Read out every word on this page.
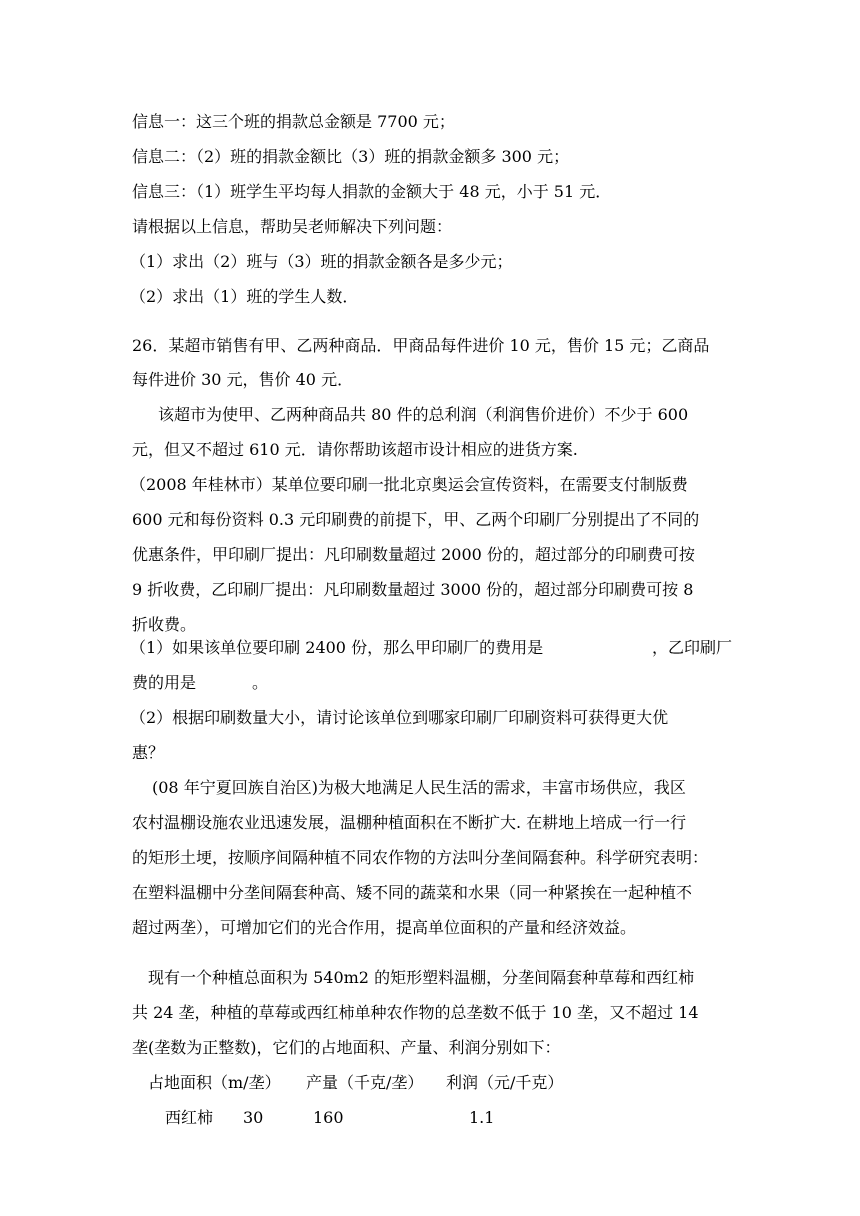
信息一：这三个班的捐款总金额是 7700 元；
信息二：（2）班的捐款金额比（3）班的捐款金额多 300 元；
信息三：（1）班学生平均每人捐款的金额大于 48 元，小于 51 元．
请根据以上信息，帮助吴老师解决下列问题：
（1）求出（2）班与（3）班的捐款金额各是多少元；
（2）求出（1）班的学生人数．
26．某超市销售有甲、乙两种商品．甲商品每件进价 10 元，售价 15 元；乙商品
每件进价 30 元，售价 40 元．
该超市为使甲、乙两种商品共 80 件的总利润（利润售价进价）不少于 600
元，但又不超过 610 元．请你帮助该超市设计相应的进货方案.
（2008 年桂林市）某单位要印刷一批北京奥运会宣传资料，在需要支付制版费
600 元和每份资料 0.3 元印刷费的前提下，甲、乙两个印刷厂分别提出了不同的
优惠条件，甲印刷厂提出：凡印刷数量超过 2000 份的，超过部分的印刷费可按
9 折收费，乙印刷厂提出：凡印刷数量超过 3000 份的，超过部分印刷费可按 8
折收费。
（1）如果该单位要印刷 2400 份，那么甲印刷厂的费用是	，乙印刷厂
费的用是	。
（2）根据印刷数量大小，请讨论该单位到哪家印刷厂印刷资料可获得更大优
惠？
(08 年宁夏回族自治区)为极大地满足人民生活的需求，丰富市场供应，我区
农村温棚设施农业迅速发展，温棚种植面积在不断扩大. 在耕地上培成一行一行
的矩形土埂，按顺序间隔种植不同农作物的方法叫分垄间隔套种。科学研究表明：
在塑料温棚中分垄间隔套种高、矮不同的蔬菜和水果（同一种紧挨在一起种植不
超过两垄），可增加它们的光合作用，提高单位面积的产量和经济效益。
现有一个种植总面积为 540m2 的矩形塑料温棚，分垄间隔套种草莓和西红柿
共 24 垄，种植的草莓或西红柿单种农作物的总垄数不低于 10 垄，又不超过 14
垄(垄数为正整数)，它们的占地面积、产量、利润分别如下：
占地面积（m/垄） 产量（千克/垄） 利润（元/千克）
西红柿 30	160	1.1
